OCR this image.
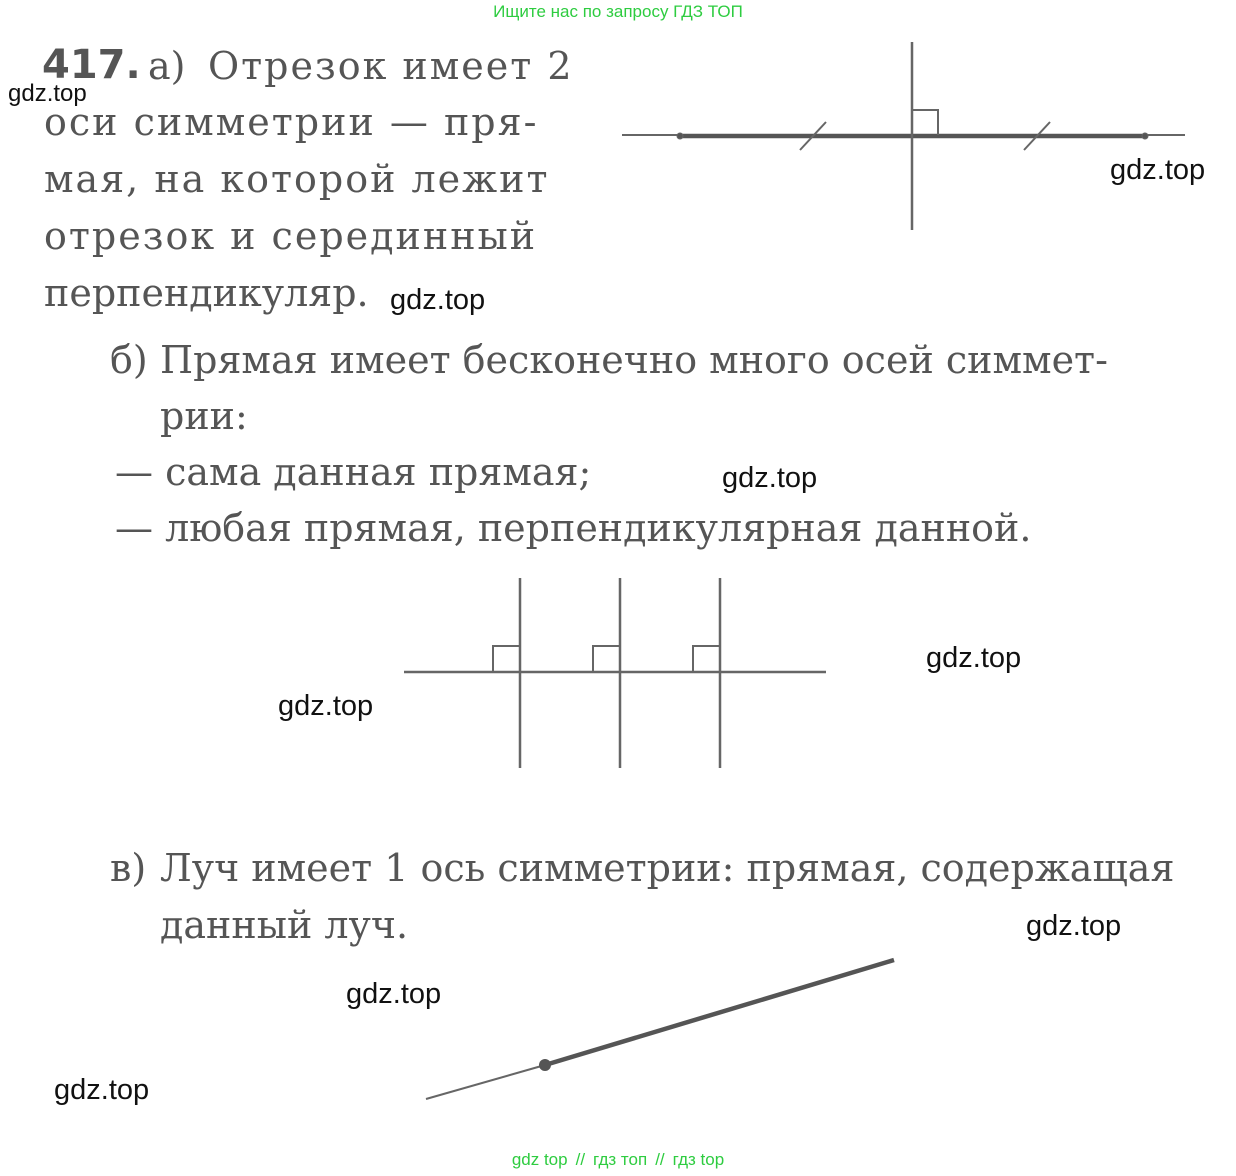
Ищите нас по запросу ГДЗ ТОП
417. а) Отрезок имеет 2
оси симметрии — пря-
мая, на которой лежит
отрезок и серединный
перпендикуляр.
б) Прямая имеет бесконечно много осей симмет-
рии:
— сама данная прямая;
— любая прямая, перпендикулярная данной.
в) Луч имеет 1 ось симметрии: прямая, содержащая
данный луч.
gdz.top
gdz.top
gdz.top
gdz.top
gdz.top
gdz.top
gdz.top
gdz.top
gdz.top
gdz top // гдз топ // гдз top
